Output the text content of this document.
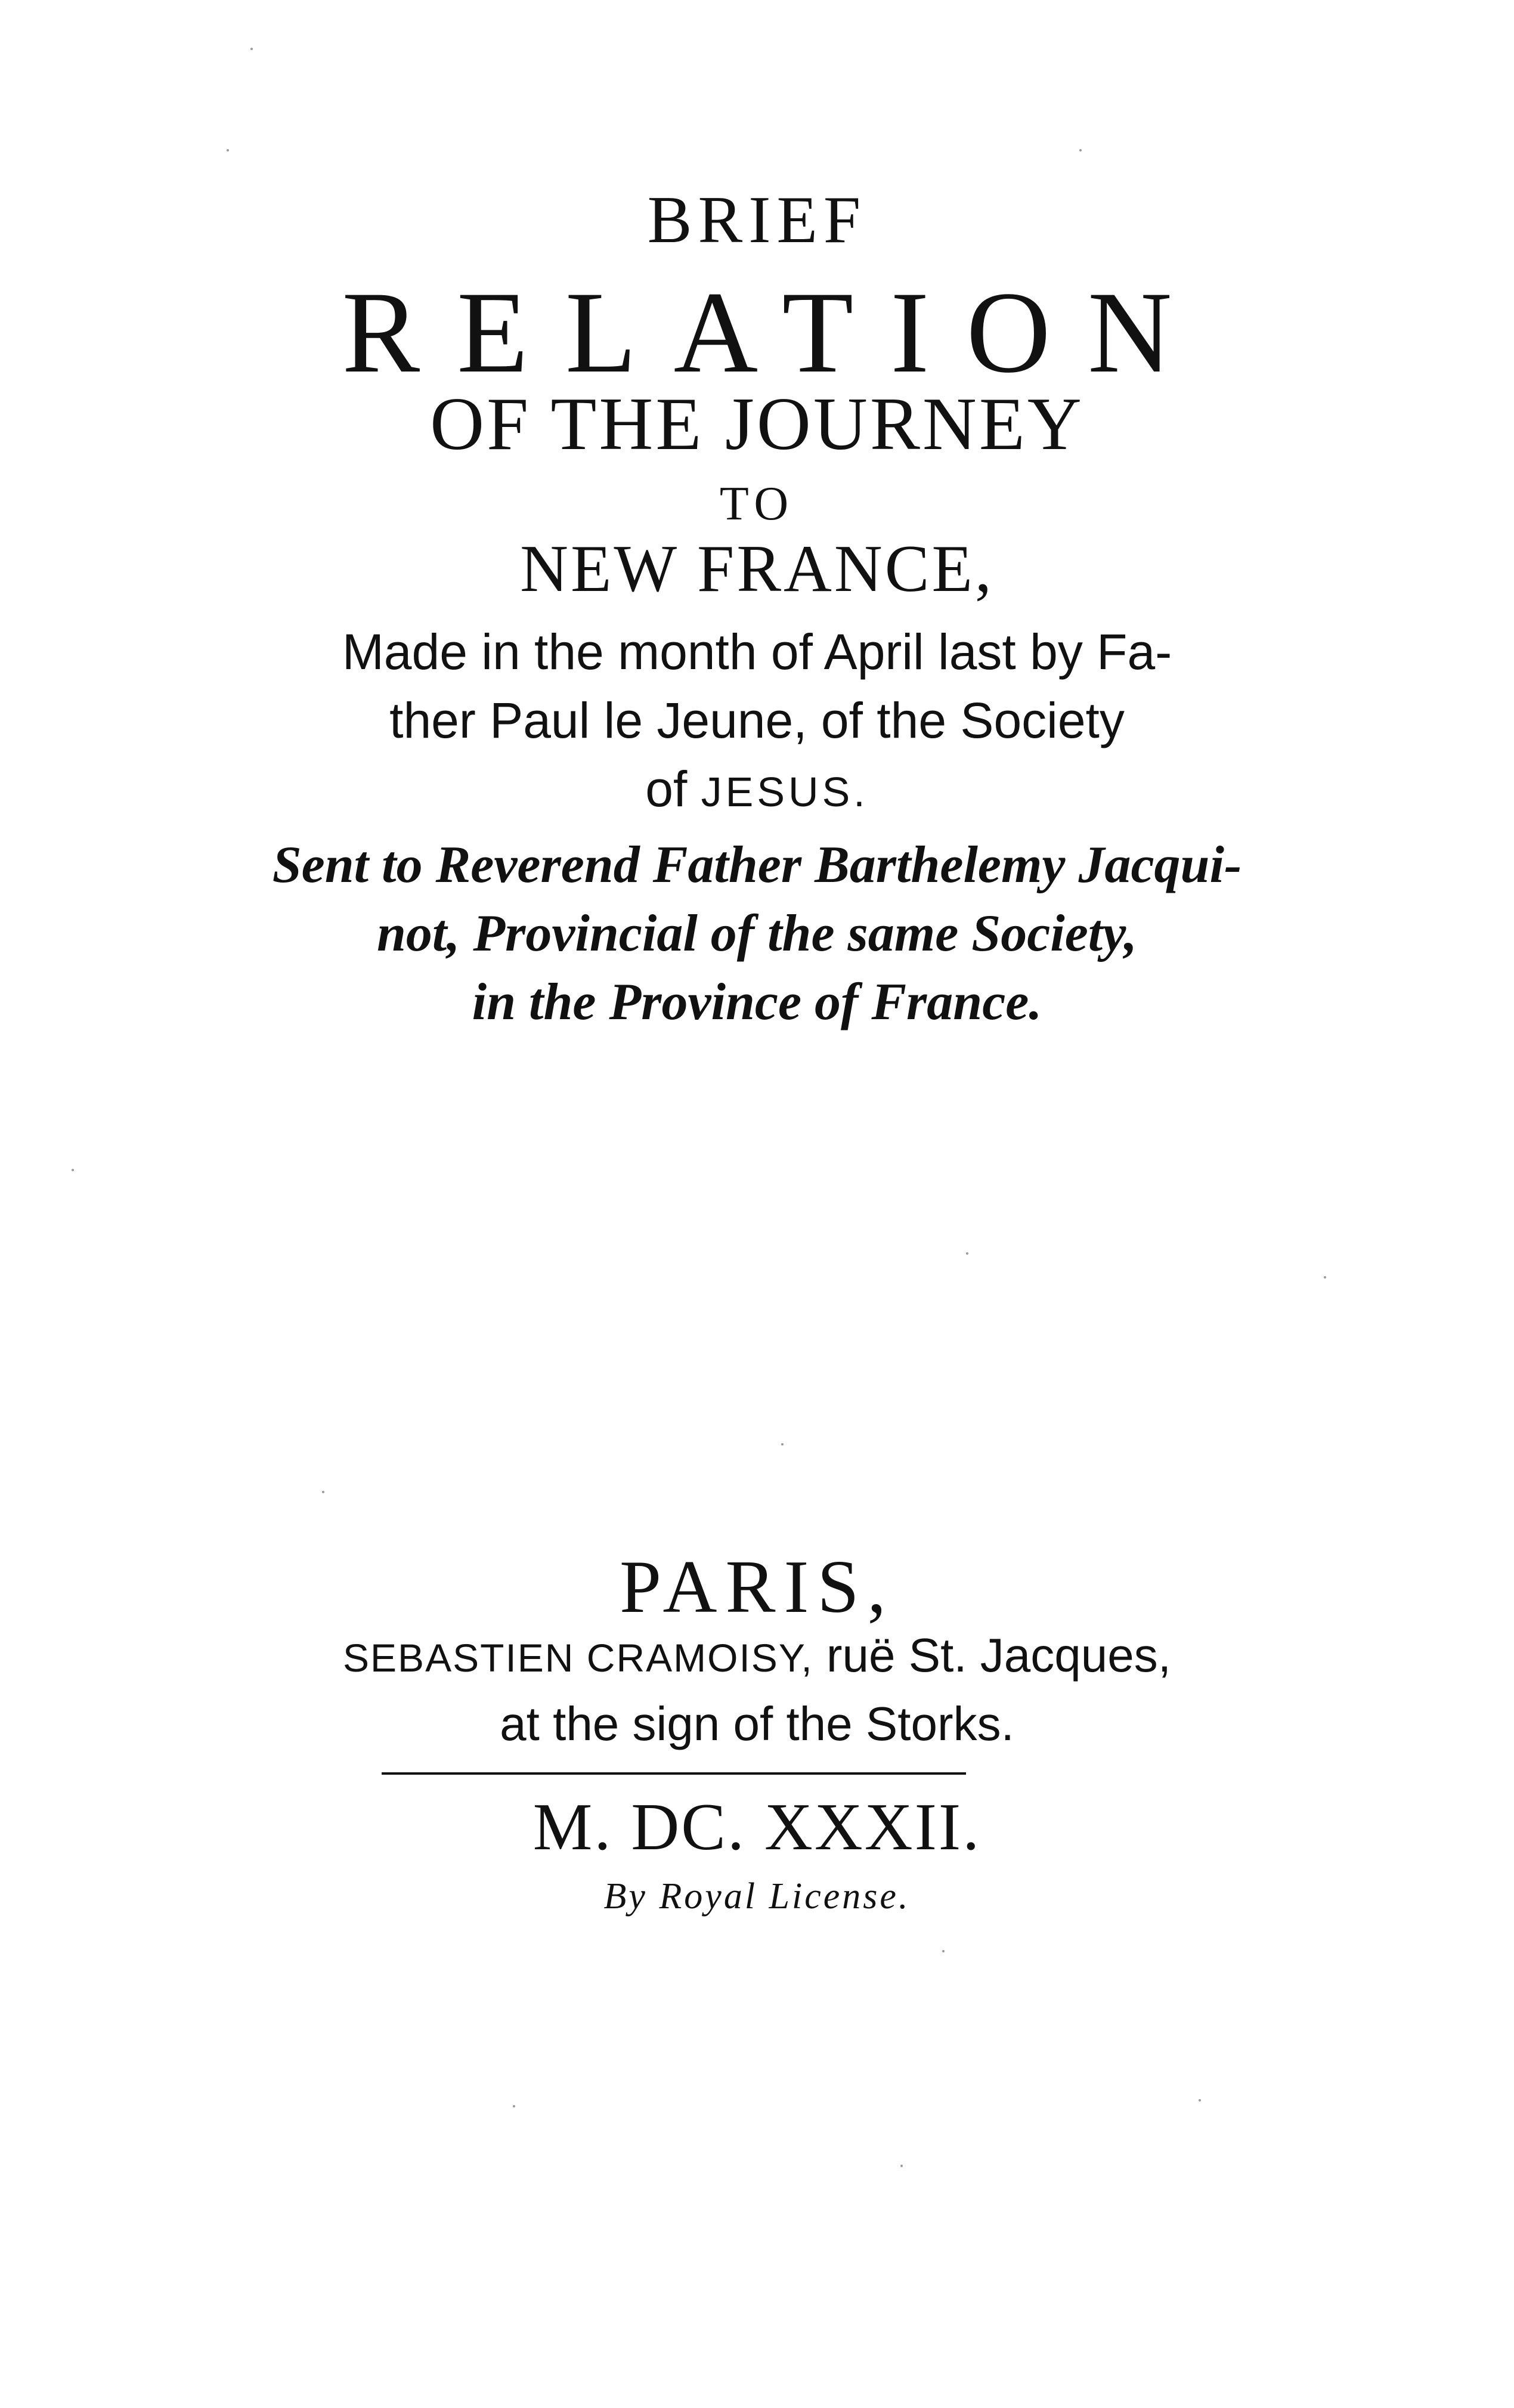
BRIEF
RELATION
OF THE JOURNEY
TO
NEW FRANCE,
Made in the month of April last by Fa-
ther Paul le Jeune, of the Society
of JESUS.
Sent to Reverend Father Barthelemy Jacqui-
not, Provincial of the same Society,
in the Province of France.
PARIS,
SEBASTIEN CRAMOISY, ruë St. Jacques,
at the sign of the Storks.
M. DC. XXXII.
By Royal License.
